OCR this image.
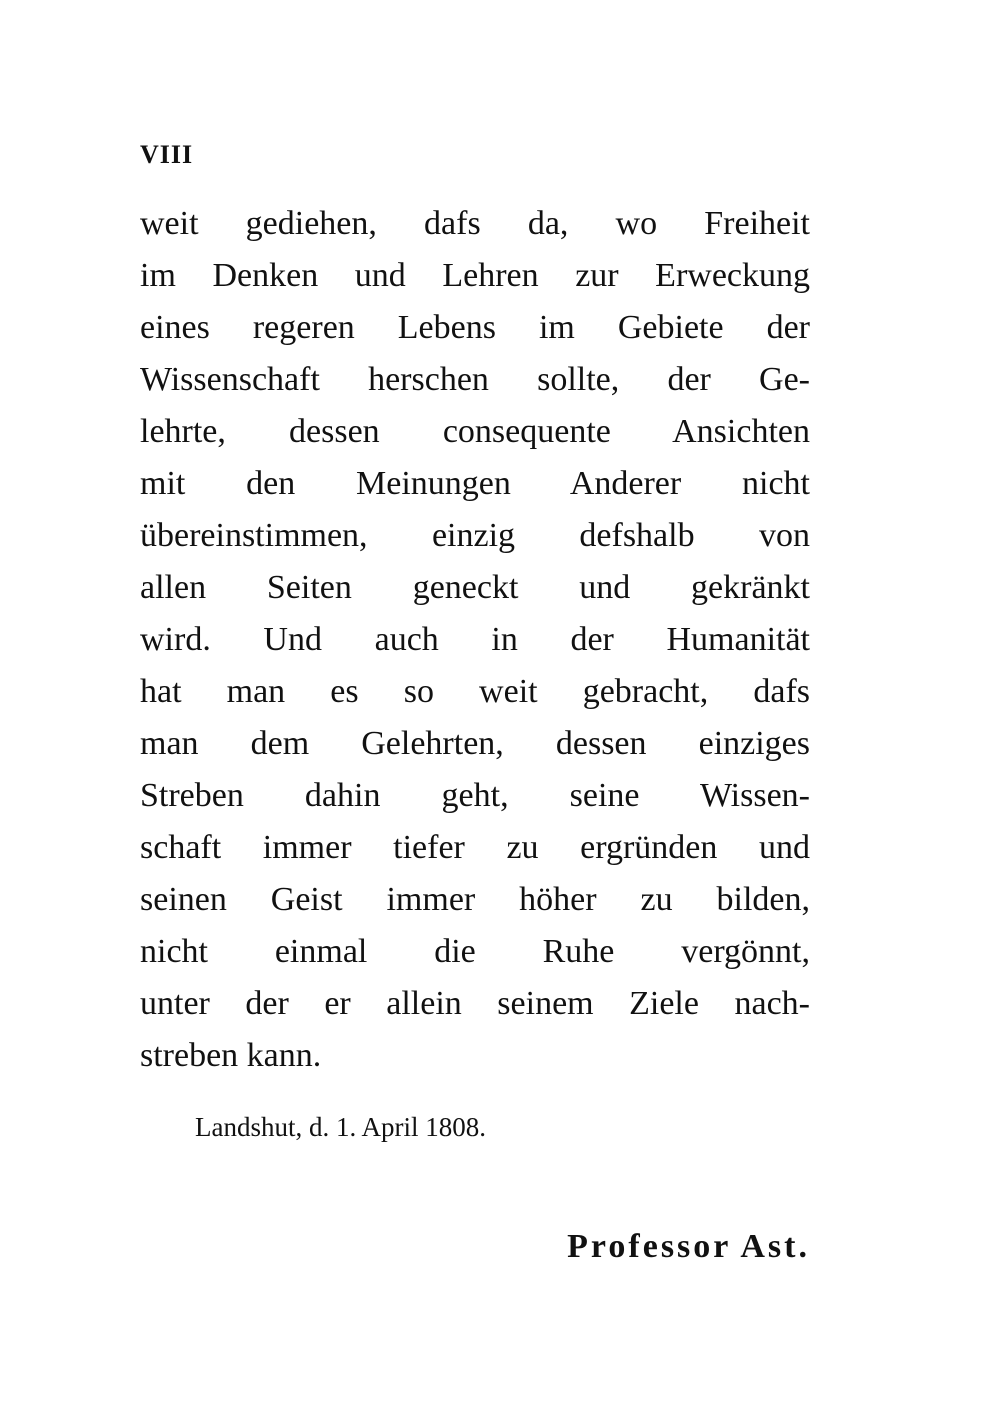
VIII
weit gediehen, dafs da, wo Freiheit
im Denken und Lehren zur Erweckung
eines regeren Lebens im Gebiete der
Wissenschaft herschen sollte, der Ge-
lehrte, dessen consequente Ansichten
mit den Meinungen Anderer nicht
übereinstimmen, einzig defshalb von
allen Seiten geneckt und gekränkt
wird. Und auch in der Humanität
hat man es so weit gebracht, dafs
man dem Gelehrten, dessen einziges
Streben dahin geht, seine Wissen-
schaft immer tiefer zu ergründen und
seinen Geist immer höher zu bilden,
nicht einmal die Ruhe vergönnt,
unter der er allein seinem Ziele nach-
streben kann.
Landshut, d. 1. April 1808.
Professor Ast.
